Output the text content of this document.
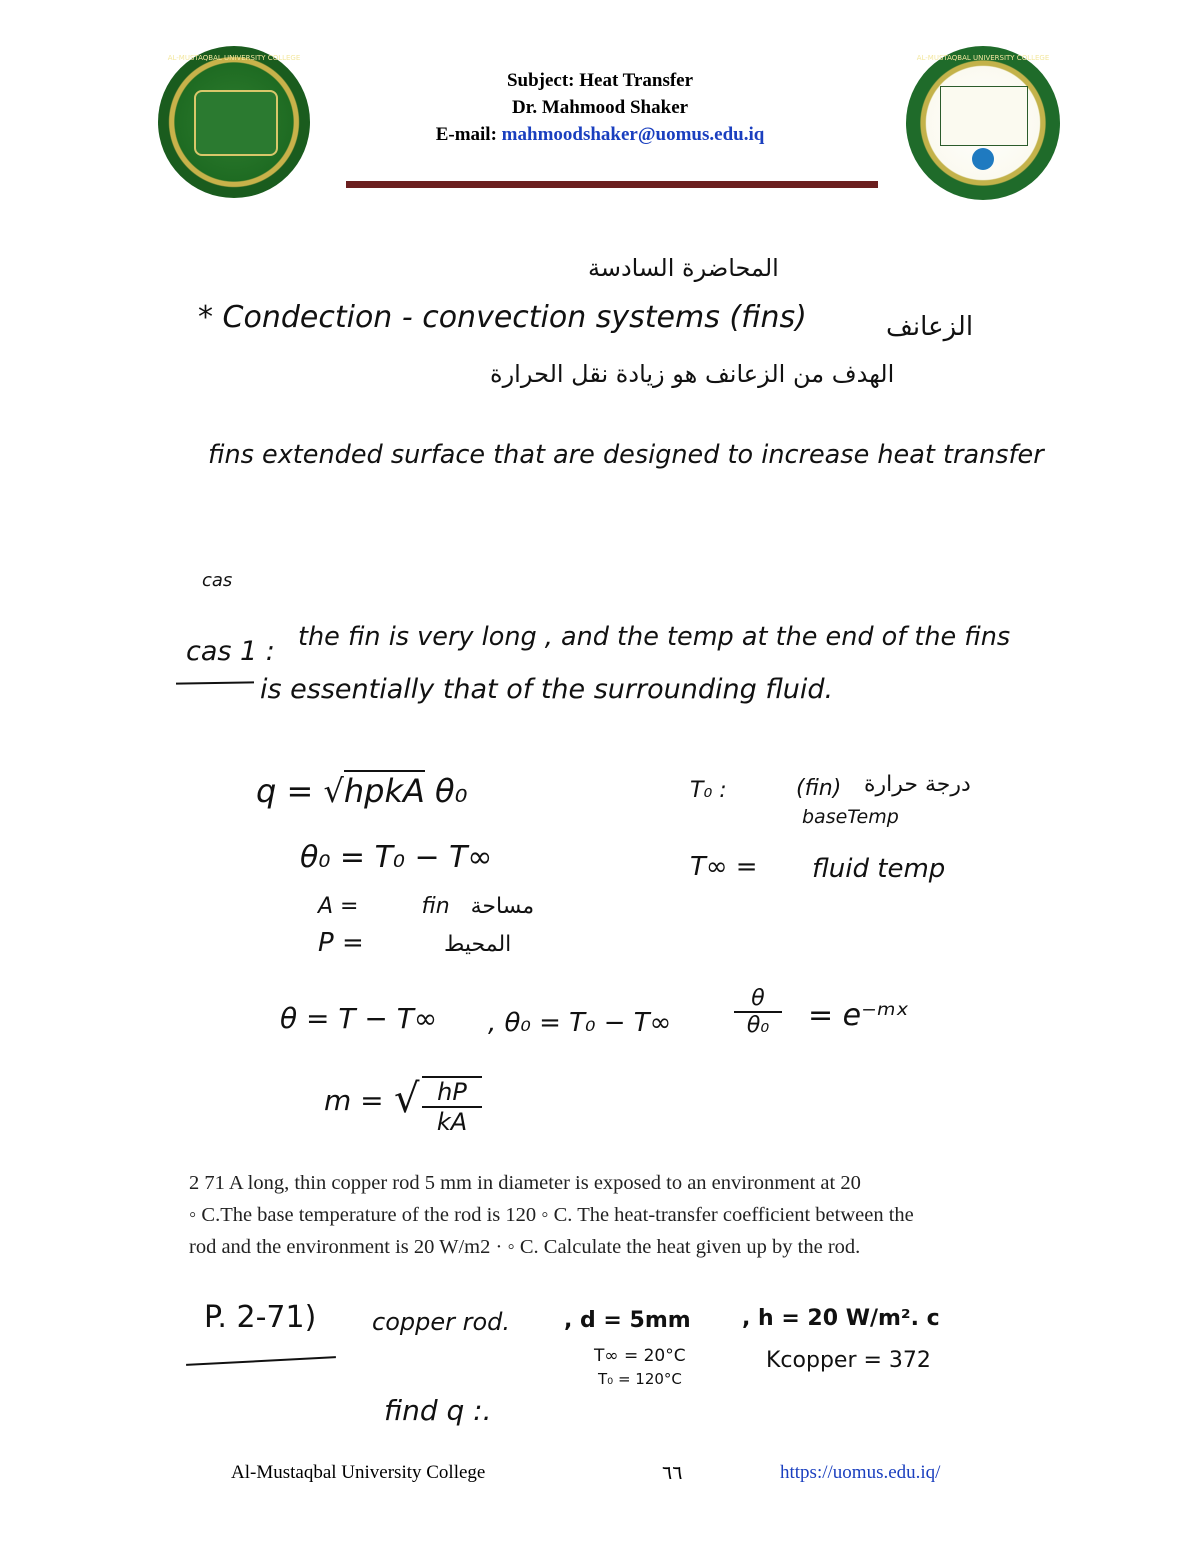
AL-MUSTAQBAL UNIVERSITY COLLEGE	AL-MUSTAQBAL UNIVERSITY COLLEGE
Subject: Heat Transfer
Dr. Mahmood Shaker
E-mail: mahmoodshaker@uomus.edu.iq
المحاضرة السادسة
* Condection - convection systems (fins)	الزعانف
الهدف من الزعانف هو زيادة نقل الحرارة
fins extended surface that are designed to increase heat transfer
cas
cas 1 : the fin is very long , and the temp at the end of the fins
is essentially that of the surrounding fluid.
q = √hpkA θ₀
θ₀ = T₀ − T∞
A =	fin مساحة
P =	المحيط
T₀ :	(fin) درجة حرارة
baseTemp
T∞ = fluid temp
θ = T − T∞ , θ₀ = T₀ − T∞	$\frac{\theta}{\text{θ₀}}$ = e⁻ᵐˣ
m = √ $\frac{hP}{kA}$
2 71 A long, thin copper rod 5 mm in diameter is exposed to an environment at 20
◦ C.The base temperature of the rod is 120 ◦ C. The heat-transfer coefficient between the
rod and the environment is 20 W/m2 · ◦ C. Calculate the heat given up by the rod.
P. 2-71) copper rod. , d = 5mm , h = 20 W/m². c
T∞ = 20°C
T₀ = 120°C
Kcopper = 372
find q :.
Al-Mustaqbal University College	٦٦	https://uomus.edu.iq/
